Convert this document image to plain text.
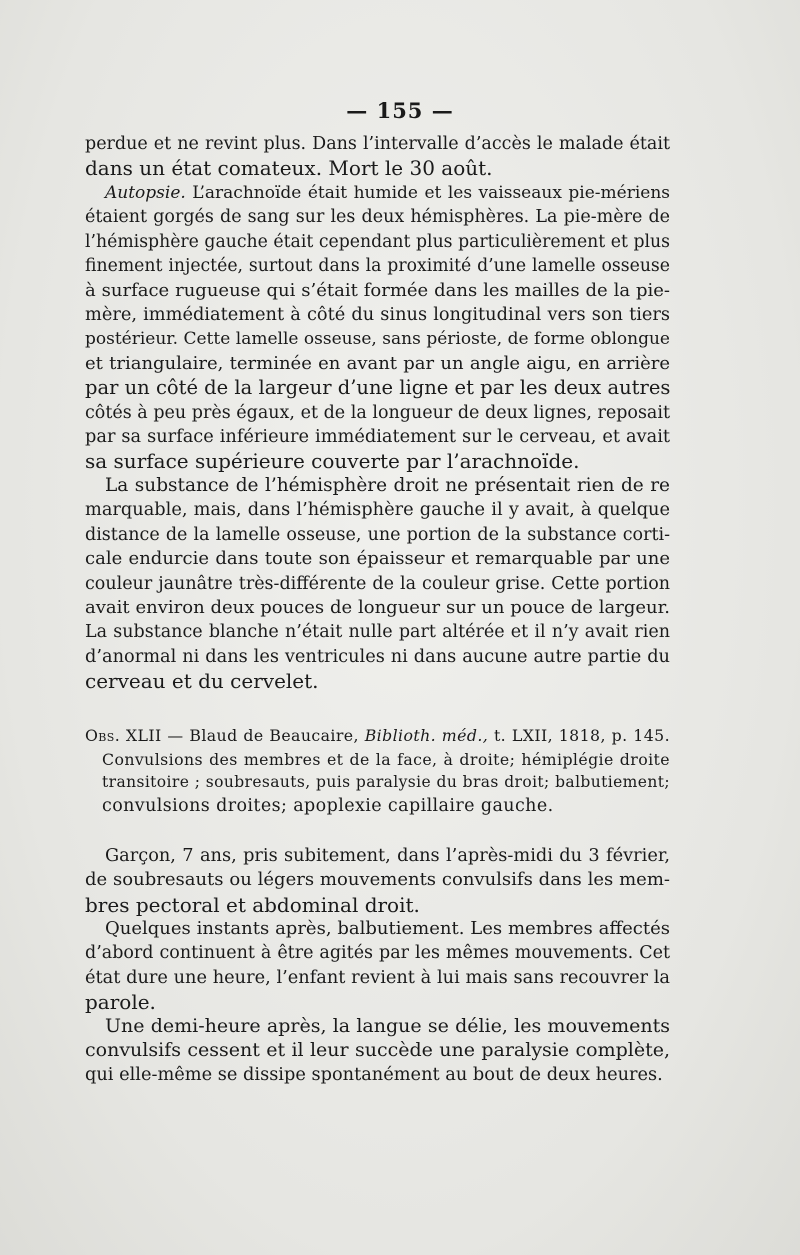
— 155 —
perdue et ne revint plus. Dans l’intervalle d’accès le malade était
dans un état comateux. Mort le 30 août.
Autopsie. L’arachnoïde était humide et les vaisseaux pie-mériens
étaient gorgés de sang sur les deux hémisphères. La pie-mère de
l’hémisphère gauche était cependant plus particulièrement et plus
finement injectée, surtout dans la proximité d’une lamelle osseuse
à surface rugueuse qui s’était formée dans les mailles de la pie-
mère, immédiatement à côté du sinus longitudinal vers son tiers
postérieur. Cette lamelle osseuse, sans périoste, de forme oblongue
et triangulaire, terminée en avant par un angle aigu, en arrière
par un côté de la largeur d’une ligne et par les deux autres
côtés à peu près égaux, et de la longueur de deux lignes, reposait
par sa surface inférieure immédiatement sur le cerveau, et avait
sa surface supérieure couverte par l’arachnoïde.
La substance de l’hémisphère droit ne présentait rien de re
marquable, mais, dans l’hémisphère gauche il y avait, à quelque
distance de la lamelle osseuse, une portion de la substance corti-
cale endurcie dans toute son épaisseur et remarquable par une
couleur jaunâtre très-différente de la couleur grise. Cette portion
avait environ deux pouces de longueur sur un pouce de largeur.
La substance blanche n’était nulle part altérée et il n’y avait rien
d’anormal ni dans les ventricules ni dans aucune autre partie du
cerveau et du cervelet.
Obs. XLII — Blaud de Beaucaire, Biblioth. méd., t. LXII, 1818, p. 145.
Convulsions des membres et de la face, à droite; hémiplégie droite
transitoire ; soubresauts, puis paralysie du bras droit; balbutiement;
convulsions droites; apoplexie capillaire gauche.
Garçon, 7 ans, pris subitement, dans l’après-midi du 3 février,
de soubresauts ou légers mouvements convulsifs dans les mem-
bres pectoral et abdominal droit.
Quelques instants après, balbutiement. Les membres affectés
d’abord continuent à être agités par les mêmes mouvements. Cet
état dure une heure, l’enfant revient à lui mais sans recouvrer la
parole.
Une demi-heure après, la langue se délie, les mouvements
convulsifs cessent et il leur succède une paralysie complète,
qui elle-même se dissipe spontanément au bout de deux heures.
